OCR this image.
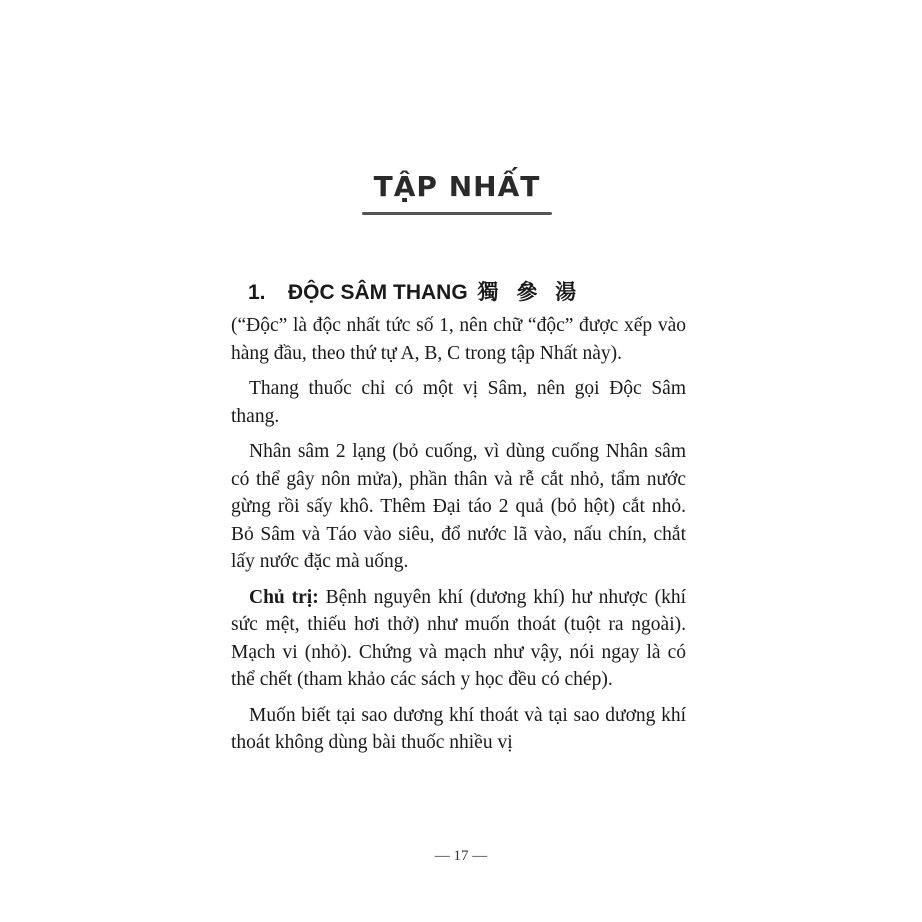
TẬP NHẤT
1. ĐỘC SÂM THANG 獨 參 湯

(“Độc” là độc nhất tức số 1, nên chữ “độc” được xếp vào hàng đầu, theo thứ tự A, B, C trong tập Nhất này).

Thang thuốc chỉ có một vị Sâm, nên gọi Độc Sâm thang.

Nhân sâm 2 lạng (bỏ cuống, vì dùng cuống Nhân sâm có thể gây nôn mửa), phần thân và rễ cắt nhỏ, tẩm nước gừng rồi sấy khô. Thêm Đại táo 2 quả (bỏ hột) cắt nhỏ. Bỏ Sâm và Táo vào siêu, đổ nước lã vào, nấu chín, chắt lấy nước đặc mà uống.

Chủ trị: Bệnh nguyên khí (dương khí) hư nhược (khí sức mệt, thiếu hơi thở) như muốn thoát (tuột ra ngoài). Mạch vi (nhỏ). Chứng và mạch như vậy, nói ngay là có thể chết (tham khảo các sách y học đều có chép).

Muốn biết tại sao dương khí thoát và tại sao dương khí thoát không dùng bài thuốc nhiều vị

— 17 —
